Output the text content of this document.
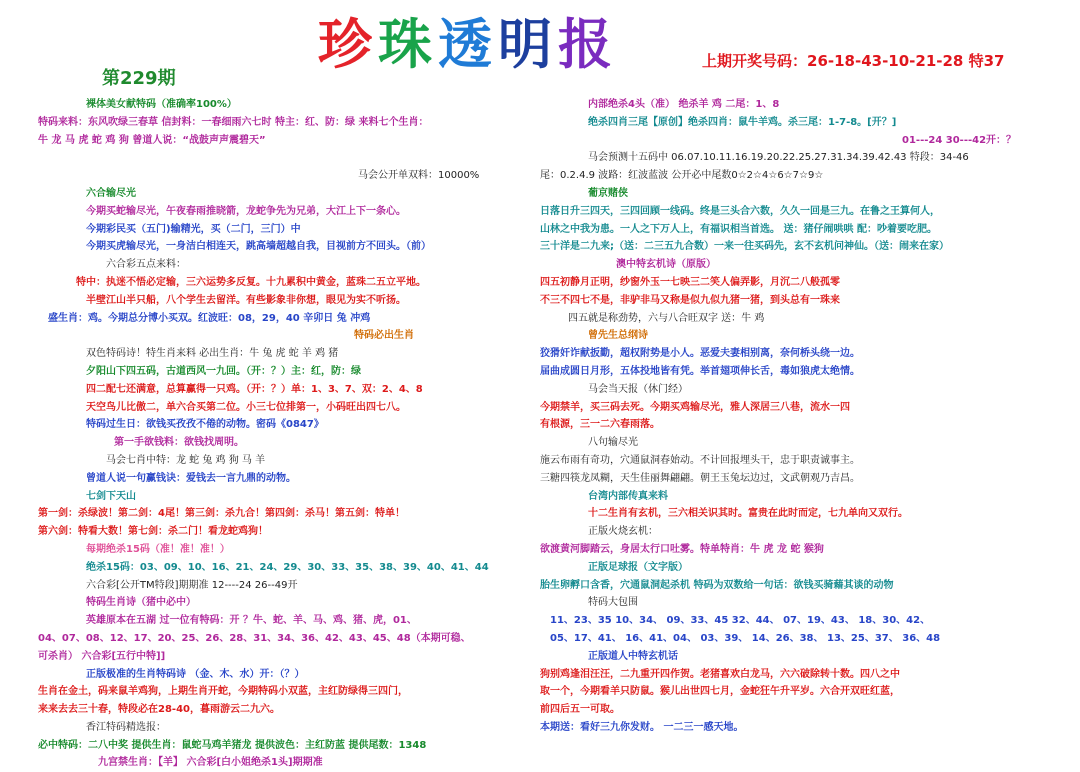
珍珠透明报
第229期
上期开奖号码：26-18-43-10-21-28 特37
裸体美女献特码（准确率100%）
特码来料：东风吹绿三春草 信封料：一春细雨六七时 特主：红、防：绿 来料七个生肖：
牛 龙 马 虎 蛇 鸡 狗 曾道人说：“战鼓声声震碧天”
马会公开单双料：10000%
六合输尽光
今期买蛇输尽光，午夜春雨推晓箭，龙蛇争先为兄弟，大江上下一条心。
今期彩民买（五门)输精光，买（二门，三门）中
今期买虎输尽光，一身洁白相连天，跳高墙超越自我，目视前方不回头。（前）
六合彩五点来料：
特中：执迷不悟必定输，三六运势多反复。十九累积中黄金，蓝珠二五立平地。
半壁江山半只船，八个学生去留洋。有些影象非你想，眼见为实不听扬。
盛生肖：鸡。今期总分博小买双。红波旺：08，29，40 辛卯日 兔 冲鸡
特码必出生肖
双色特码诗！特生肖来料 必出生肖：牛 兔 虎 蛇 羊 鸡 猪
夕阳山下四五码，古道西风一九回。（开：？）主：红，防：绿
四二配七还满意，总算赢得一只鸡。（开：？）单：1、3、7、双：2、4、8
天空鸟儿比傲二，单六合买第二位。小三七位排第一，小码旺出四七八。
特码过生日：欲钱买孜孜不倦的动物。密码《0847》
第一手欲钱料：欲钱找周明。
马会七肖中特：龙 蛇 兔 鸡 狗 马 羊
曾道人说一句赢钱诀：爱钱去一言九鼎的动物。
七剑下天山
第一剑：杀绿波！第二剑：4尾！第三剑：杀九合！第四剑：杀马！第五剑：特单！
第六剑：特看大数！第七剑：杀二门！看龙蛇鸡狗！
每期绝杀15码（准！准！准！）
绝杀15码：03、09、10、16、21、24、29、30、33、35、38、39、40、41、44
六合彩[公开TM特段]期期准 12----24 26--49开
特码生肖诗（猪中必中）
英雄原本在五湖 过一位有特码：开 ？牛、蛇、羊、马、鸡、猪、虎，01、
04、07、08、12、17、20、25、26、28、31、34、36、42、43、45、48（本期可稳、
可杀肖） 六合彩[五行中特]]
正版极准的生肖特码诗 （金、木、水）开：（？）
生肖在金土，码来鼠羊鸡狗，上期生肖开蛇，今期特码小双蓝，主红防绿得三四门，
来来去去三十春，特段必在28-40，暮雨游云二九六。
香江特码精选报：
必中特码：二八中奖 提供生肖：鼠蛇马鸡羊猪龙 提供波色：主红防蓝 提供尾数：1348
九宫禁生肖：【羊】 六合彩[白小姐绝杀1头]期期准
内部绝杀4头（准） 绝杀羊 鸡 二尾：1、8
绝杀四肖三尾【原创】绝杀四肖：鼠牛羊鸡。杀三尾：1-7-8。[开？]
01---24 30---42开：？
马会预测十五码中 06.07.10.11.16.19.20.22.25.27.31.34.39.42.43 特段：34-46
尾：0.2.4.9 波路：红波蓝波 公开必中尾数0☆2☆4☆6☆7☆9☆
葡京赌侠
日落日升三四天，三四回顾一线码。终是三头合六数，久久一回是三九。在鲁之王算何人，
山林之中我为患。一人之下万人上，有福识相当首选。 送：猪仔闹哄哄 配：吵着要吃肥。
三十洋是二九来;（送：二三五九合数）一来一往买码先，玄不玄机问神仙。（送：闹来在家）
澳中特玄机诗（原版）
四五初静月正明，纱窗外玉一七映三二笑人偏弄影，月沉二八般孤零
不三不四七不是，非驴非马又称是似九似九猪一猪，到头总有一珠来
四五就是称劲势，六与八合旺双字 送：牛 鸡
曾先生总纲诗
狡猾奸诈献扳勤，超权附势是小人。恶爱夫妻相别离，奈何桥头绕一边。
届曲成圆日月形，五体投地皆有凭。举首翅项伸长舌，毒如狼虎太绝情。
马会当天报（休门经）
今期禁羊，买三码去死。今期买鸡输尽光，雅人深居三八巷，流水一四
有根源，三一二六春雨落。
八句输尽光
施云布雨有奇功，穴通鼠洞春始动。不计回报埋头干，忠于职责诚事主。
三糖四筷龙凤糊，天生佳丽舞翩翩。朝王玉兔坛边过，文武朝观乃吉昌。
台湾内部传真来料
十二生肖有玄机，三六相关识其时。富贵在此时而定，七九单向又双行。
正版火烧玄机：
欲渡黄河脚踏云，身居太行口吐雾。特单特肖：牛 虎 龙 蛇 猴狗
正版足球报（文字版）
胎生卵孵口含香，穴通鼠洞起杀机 特码为双数给一句话：欲钱买骑藉其谈的动物
特码大包围
11、23、35 10、34、 09、33、45 32、44、 07、19、43、 18、30、42、
05、17、41、 16、41、04、 03、39、 14、26、38、 13、25、37、 36、48
正版道人中特玄机话
狗别鸡逢泪汪汪，二九重开四作贺。老猪喜欢白龙马，六六破除转十数。四八之中
取一个，今期看羊只防鼠。猴儿出世四七月，金蛇狂午升平岁。六合开双旺红蓝，
前四后五一可取。
本期送：看好三九你发财。 一二三一感天地。
